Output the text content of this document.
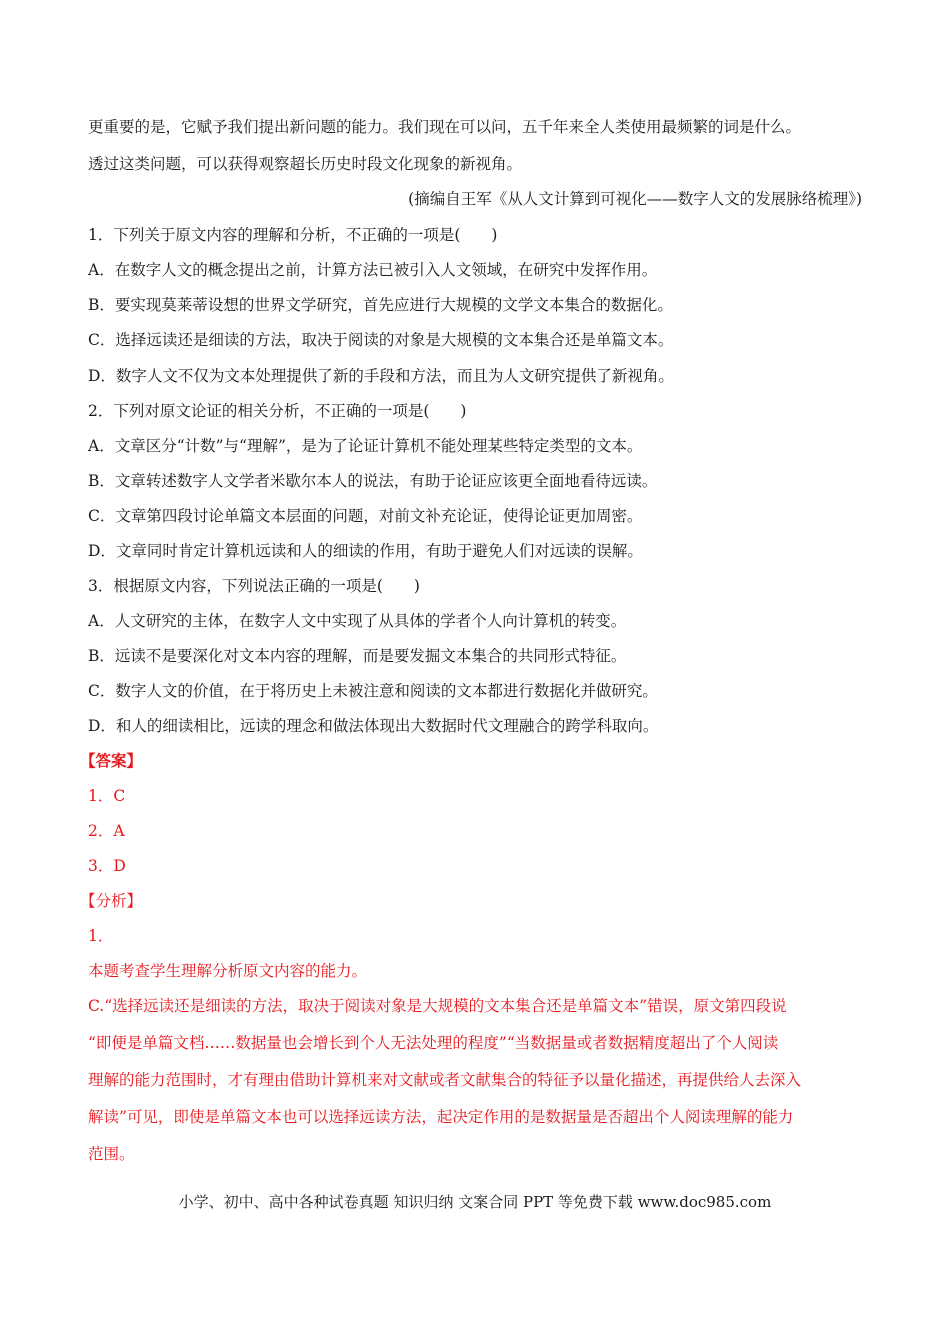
更重要的是，它赋予我们提出新问题的能力。我们现在可以问，五千年来全人类使用最频繁的词是什么。
透过这类问题，可以获得观察超长历史时段文化现象的新视角。
(摘编自王军《从人文计算到可视化——数字人文的发展脉络梳理》)
1．下列关于原文内容的理解和分析，不正确的一项是(　　)
A．在数字人文的概念提出之前，计算方法已被引入人文领域，在研究中发挥作用。
B．要实现莫莱蒂设想的世界文学研究，首先应进行大规模的文学文本集合的数据化。
C．选择远读还是细读的方法，取决于阅读的对象是大规模的文本集合还是单篇文本。
D．数字人文不仅为文本处理提供了新的手段和方法，而且为人文研究提供了新视角。
2．下列对原文论证的相关分析，不正确的一项是(　　)
A．文章区分“计数”与“理解”，是为了论证计算机不能处理某些特定类型的文本。
B．文章转述数字人文学者米歇尔本人的说法，有助于论证应该更全面地看待远读。
C．文章第四段讨论单篇文本层面的问题，对前文补充论证，使得论证更加周密。
D．文章同时肯定计算机远读和人的细读的作用，有助于避免人们对远读的误解。
3．根据原文内容，下列说法正确的一项是(　　)
A．人文研究的主体，在数字人文中实现了从具体的学者个人向计算机的转变。
B．远读不是要深化对文本内容的理解，而是要发掘文本集合的共同形式特征。
C．数字人文的价值，在于将历史上未被注意和阅读的文本都进行数据化并做研究。
D．和人的细读相比，远读的理念和做法体现出大数据时代文理融合的跨学科取向。
【答案】
1．C
2．A
3．D
【分析】
1．
本题考查学生理解分析原文内容的能力。
C.“选择远读还是细读的方法，取决于阅读对象是大规模的文本集合还是单篇文本”错误，原文第四段说
“即便是单篇文档……数据量也会增长到个人无法处理的程度”“当数据量或者数据精度超出了个人阅读
理解的能力范围时，才有理由借助计算机来对文献或者文献集合的特征予以量化描述，再提供给人去深入
解读”可见，即使是单篇文本也可以选择远读方法，起决定作用的是数据量是否超出个人阅读理解的能力
范围。
小学、初中、高中各种试卷真题 知识归纳 文案合同 PPT 等免费下载 www.doc985.com
